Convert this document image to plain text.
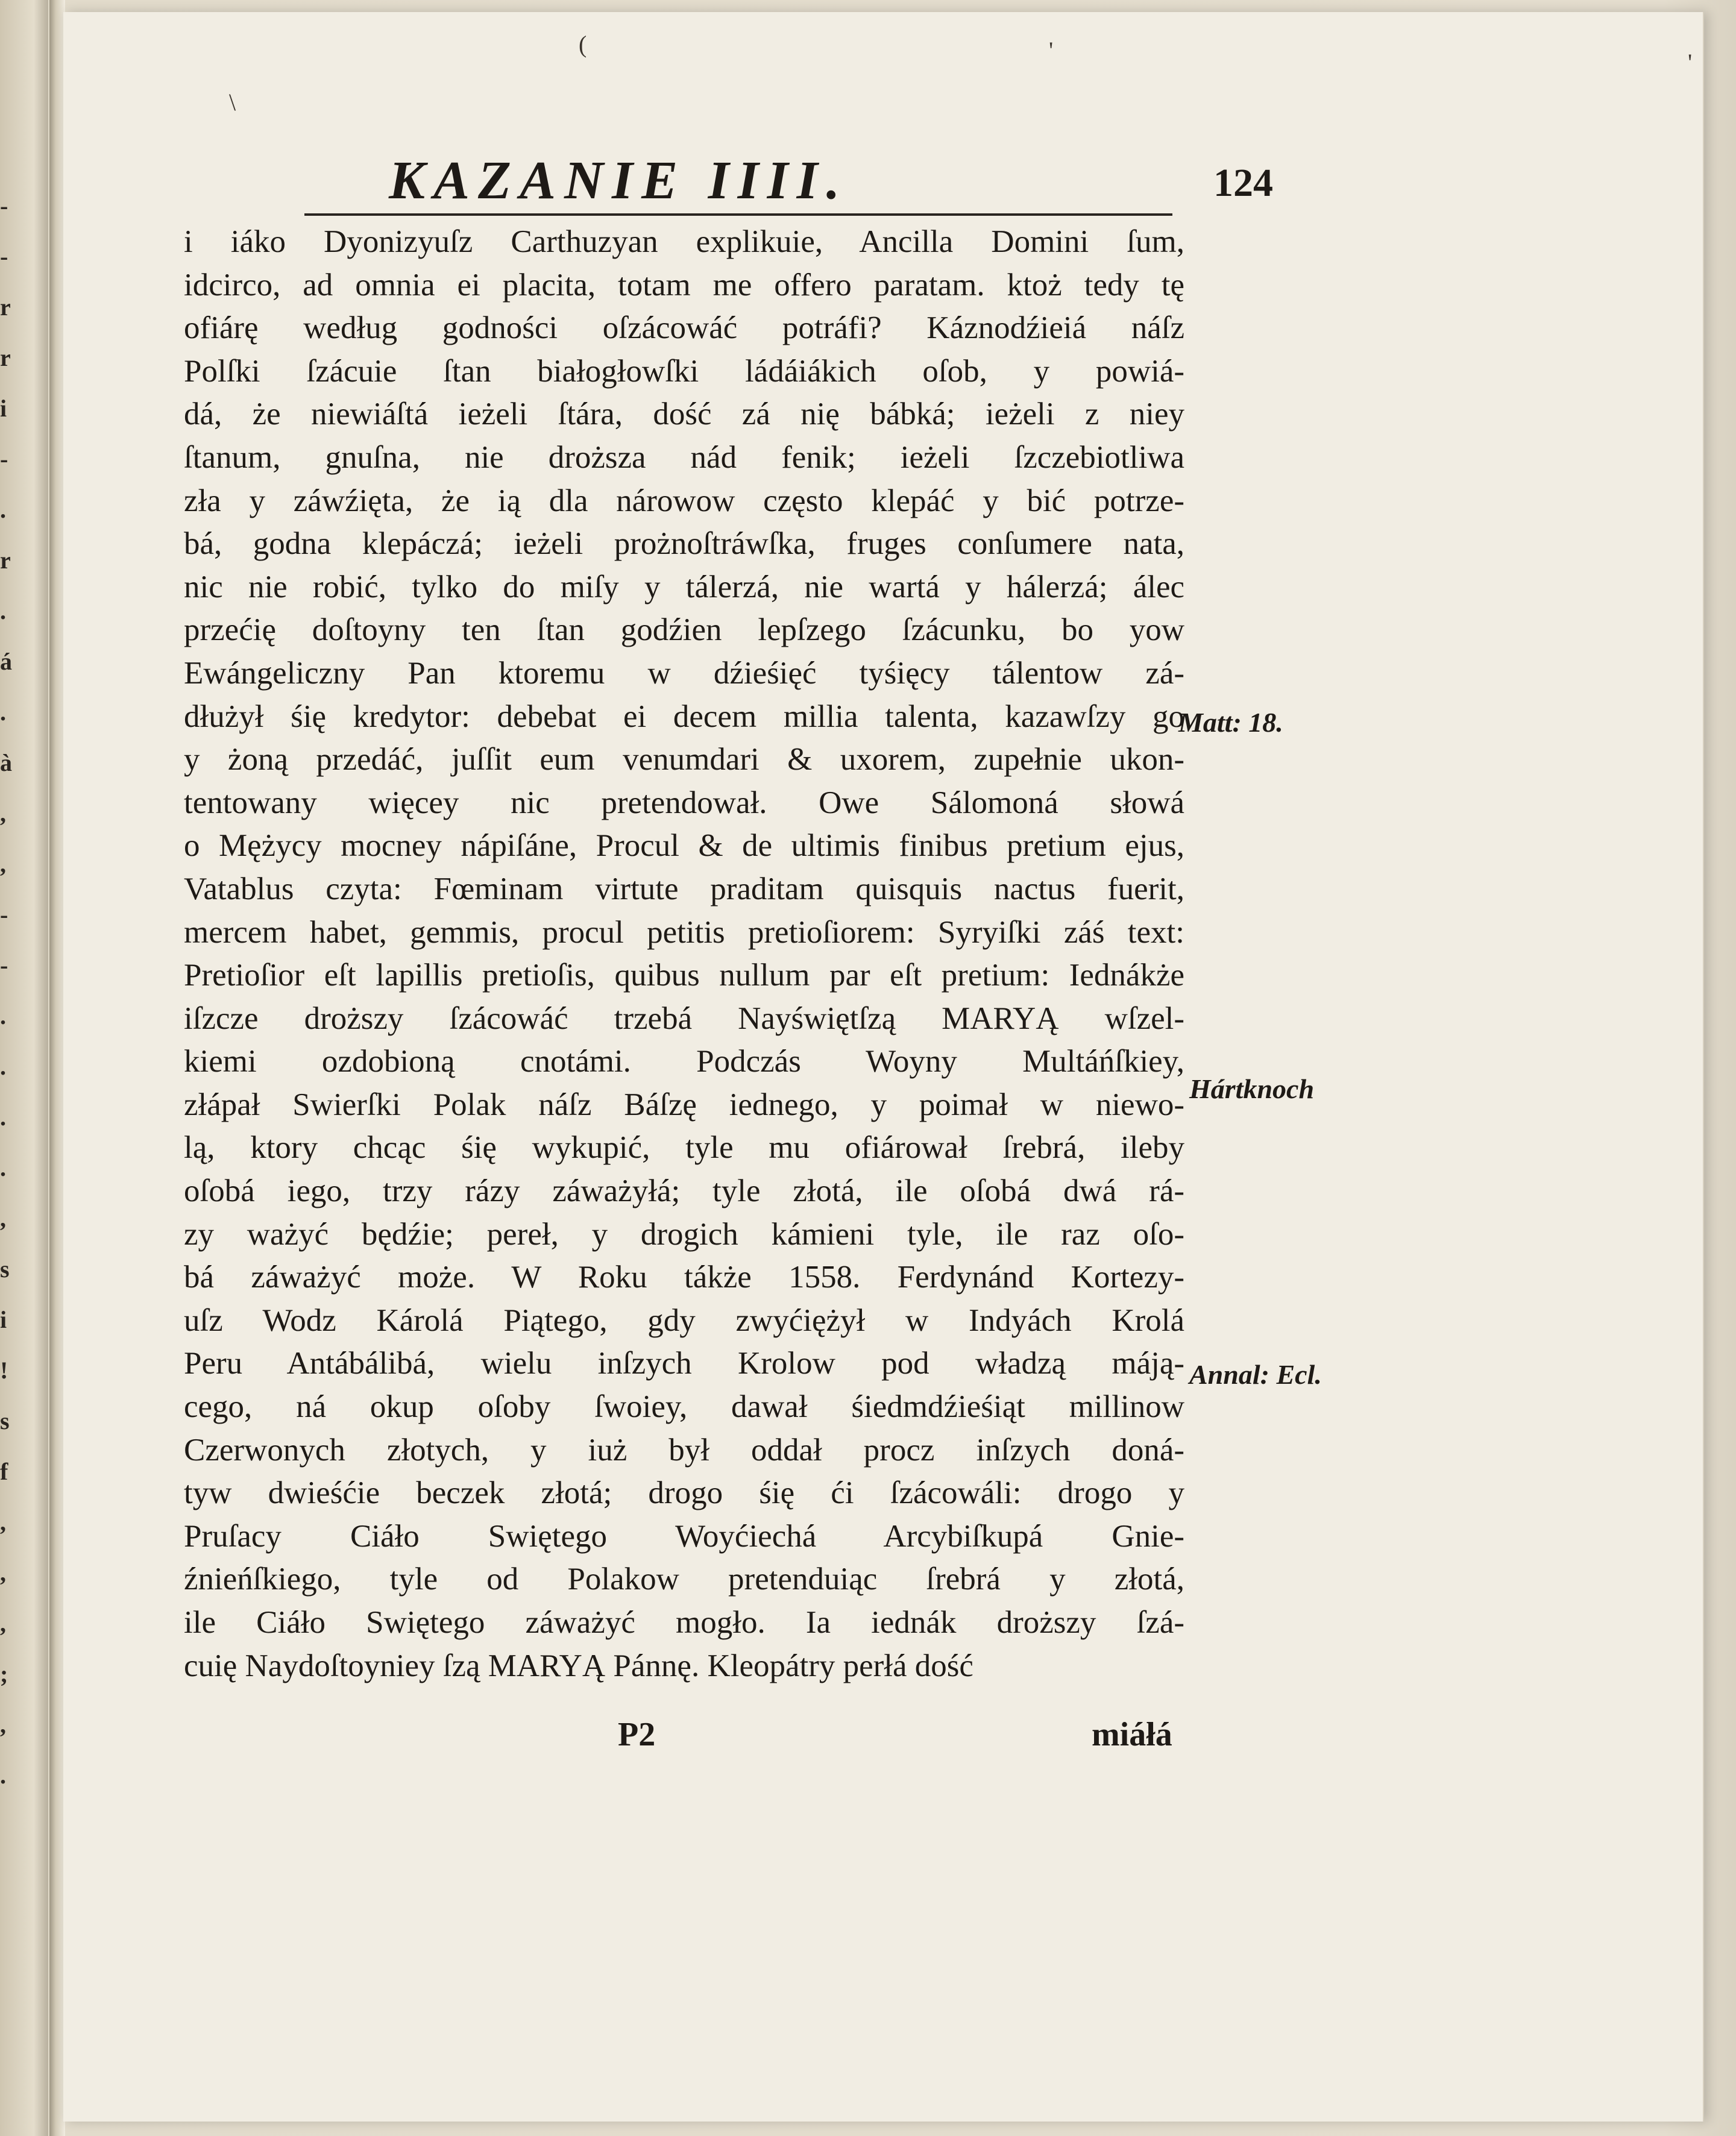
-
-
r
r
i
-
.
r
.
á
.
à
,
,
-
-
.
.
.
.
,
s
i
!
s
f
,
,
,
;
,
.
(	'
\
'
KAZANIE IIII.	124
i iáko Dyonizyuſz Carthuzyan explikuie, Ancilla Domini ſum,
idcirco, ad omnia ei placita, totam me offero paratam. ktoż tedy tę
ofiárę według godności oſzácowáć potráfi? Káznodźieiá náſz
Polſki ſzácuie ſtan białogłowſki ládáiákich oſob, y powiá-
dá, że niewiáſtá ieżeli ſtára, dość zá nię bábká; ieżeli z niey
ſtanum, gnuſna, nie droższa nád fenik; ieżeli ſzczebiotliwa
zła y záwźięta, że ią dla nárowow często klepáć y bić potrze-
bá, godna klepáczá; ieżeli prożnoſtráwſka, fruges conſumere nata,
nic nie robić, tylko do miſy y tálerzá, nie wartá y hálerzá; álec
przećię doſtoyny ten ſtan godźien lepſzego ſzácunku, bo yow
Ewángeliczny Pan ktoremu w dźieśięć tyśięcy tálentow zá-
dłużył śię kredytor: debebat ei decem millia talenta, kazawſzy go
y żoną przedáć, juſſit eum venumdari & uxorem, zupełnie ukon-
tentowany więcey nic pretendował. Owe Sálomoná słowá
o Mężycy mocney nápiſáne, Procul & de ultimis finibus pretium ejus,
Vatablus czyta: Fœminam virtute praditam quisquis nactus fuerit,
mercem habet, gemmis, procul petitis pretioſiorem: Syryiſki záś text:
Pretioſior eſt lapillis pretioſis, quibus nullum par eſt pretium: Iednákże
iſzcze droższy ſzácowáć trzebá Nayświętſzą MARYĄ wſzel-
kiemi ozdobioną cnotámi. Podczás Woyny Multáńſkiey,
złápał Swierſki Polak náſz Báſzę iednego, y poimał w niewo-
lą, ktory chcąc śię wykupić, tyle mu ofiárował ſrebrá, ileby
oſobá iego, trzy rázy záważyłá; tyle złotá, ile oſobá dwá rá-
zy ważyć będźie; pereł, y drogich kámieni tyle, ile raz oſo-
bá záważyć może. W Roku tákże 1558. Ferdynánd Kortezy-
uſz Wodz Károlá Piątego, gdy zwyćiężył w Indyách Krolá
Peru Antábálibá, wielu inſzych Krolow pod władzą máją-
cego, ná okup oſoby ſwoiey, dawał śiedmdźieśiąt millinow
Czerwonych złotych, y iuż był oddał procz inſzych doná-
tyw dwieśćie beczek złotá; drogo śię ći ſzácowáli: drogo y
Pruſacy Ciáło Swiętego Woyćiechá Arcybiſkupá Gnie-
źnieńſkiego, tyle od Polakow pretenduiąc ſrebrá y złotá,
ile Ciáło Swiętego záważyć mogło. Ia iednák droższy ſzá-
cuię Naydoſtoyniey ſzą MARYĄ Pánnę. Kleopátry perłá dość
P2	miáłá
Matt: 18.
Hártknoch
Annal: Ecl.
